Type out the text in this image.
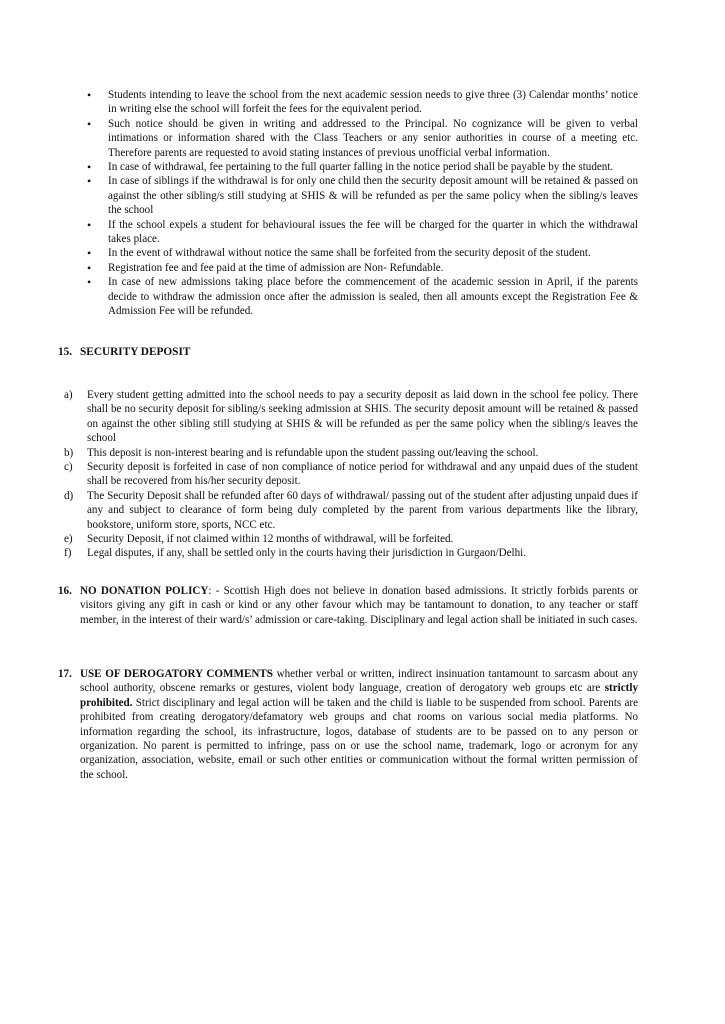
• Students intending to leave the school from the next academic session needs to give three (3) Calendar months’ notice in writing else the school will forfeit the fees for the equivalent period.
• Such notice should be given in writing and addressed to the Principal. No cognizance will be given to verbal intimations or information shared with the Class Teachers or any senior authorities in course of a meeting etc. Therefore parents are requested to avoid stating instances of previous unofficial verbal information.
• In case of withdrawal, fee pertaining to the full quarter falling in the notice period shall be payable by the student.
• In case of siblings if the withdrawal is for only one child then the security deposit amount will be retained & passed on against the other sibling/s still studying at SHIS & will be refunded as per the same policy when the sibling/s leaves the school
• If the school expels a student for behavioural issues the fee will be charged for the quarter in which the withdrawal takes place.
• In the event of withdrawal without notice the same shall be forfeited from the security deposit of the student.
• Registration fee and fee paid at the time of admission are Non- Refundable.
• In case of new admissions taking place before the commencement of the academic session in April, if the parents decide to withdraw the admission once after the admission is sealed, then all amounts except the Registration Fee & Admission Fee will be refunded.
15. SECURITY DEPOSIT
a) Every student getting admitted into the school needs to pay a security deposit as laid down in the school fee policy. There shall be no security deposit for sibling/s seeking admission at SHIS. The security deposit amount will be retained & passed on against the other sibling still studying at SHIS & will be refunded as per the same policy when the sibling/s leaves the school
b) This deposit is non-interest bearing and is refundable upon the student passing out/leaving the school.
c) Security deposit is forfeited in case of non compliance of notice period for withdrawal and any unpaid dues of the student shall be recovered from his/her security deposit.
d) The Security Deposit shall be refunded after 60 days of withdrawal/ passing out of the student after adjusting unpaid dues if any and subject to clearance of form being duly completed by the parent from various departments like the library, bookstore, uniform store, sports, NCC etc.
e) Security Deposit, if not claimed within 12 months of withdrawal, will be forfeited.
f) Legal disputes, if any, shall be settled only in the courts having their jurisdiction in Gurgaon/Delhi.
16. NO DONATION POLICY: - Scottish High does not believe in donation based admissions. It strictly forbids parents or visitors giving any gift in cash or kind or any other favour which may be tantamount to donation, to any teacher or staff member, in the interest of their ward/s’ admission or care-taking. Disciplinary and legal action shall be initiated in such cases.
17. USE OF DEROGATORY COMMENTS whether verbal or written, indirect insinuation tantamount to sarcasm about any school authority, obscene remarks or gestures, violent body language, creation of derogatory web groups etc are strictly prohibited. Strict disciplinary and legal action will be taken and the child is liable to be suspended from school. Parents are prohibited from creating derogatory/defamatory web groups and chat rooms on various social media platforms. No information regarding the school, its infrastructure, logos, database of students are to be passed on to any person or organization. No parent is permitted to infringe, pass on or use the school name, trademark, logo or acronym for any organization, association, website, email or such other entities or communication without the formal written permission of the school.
